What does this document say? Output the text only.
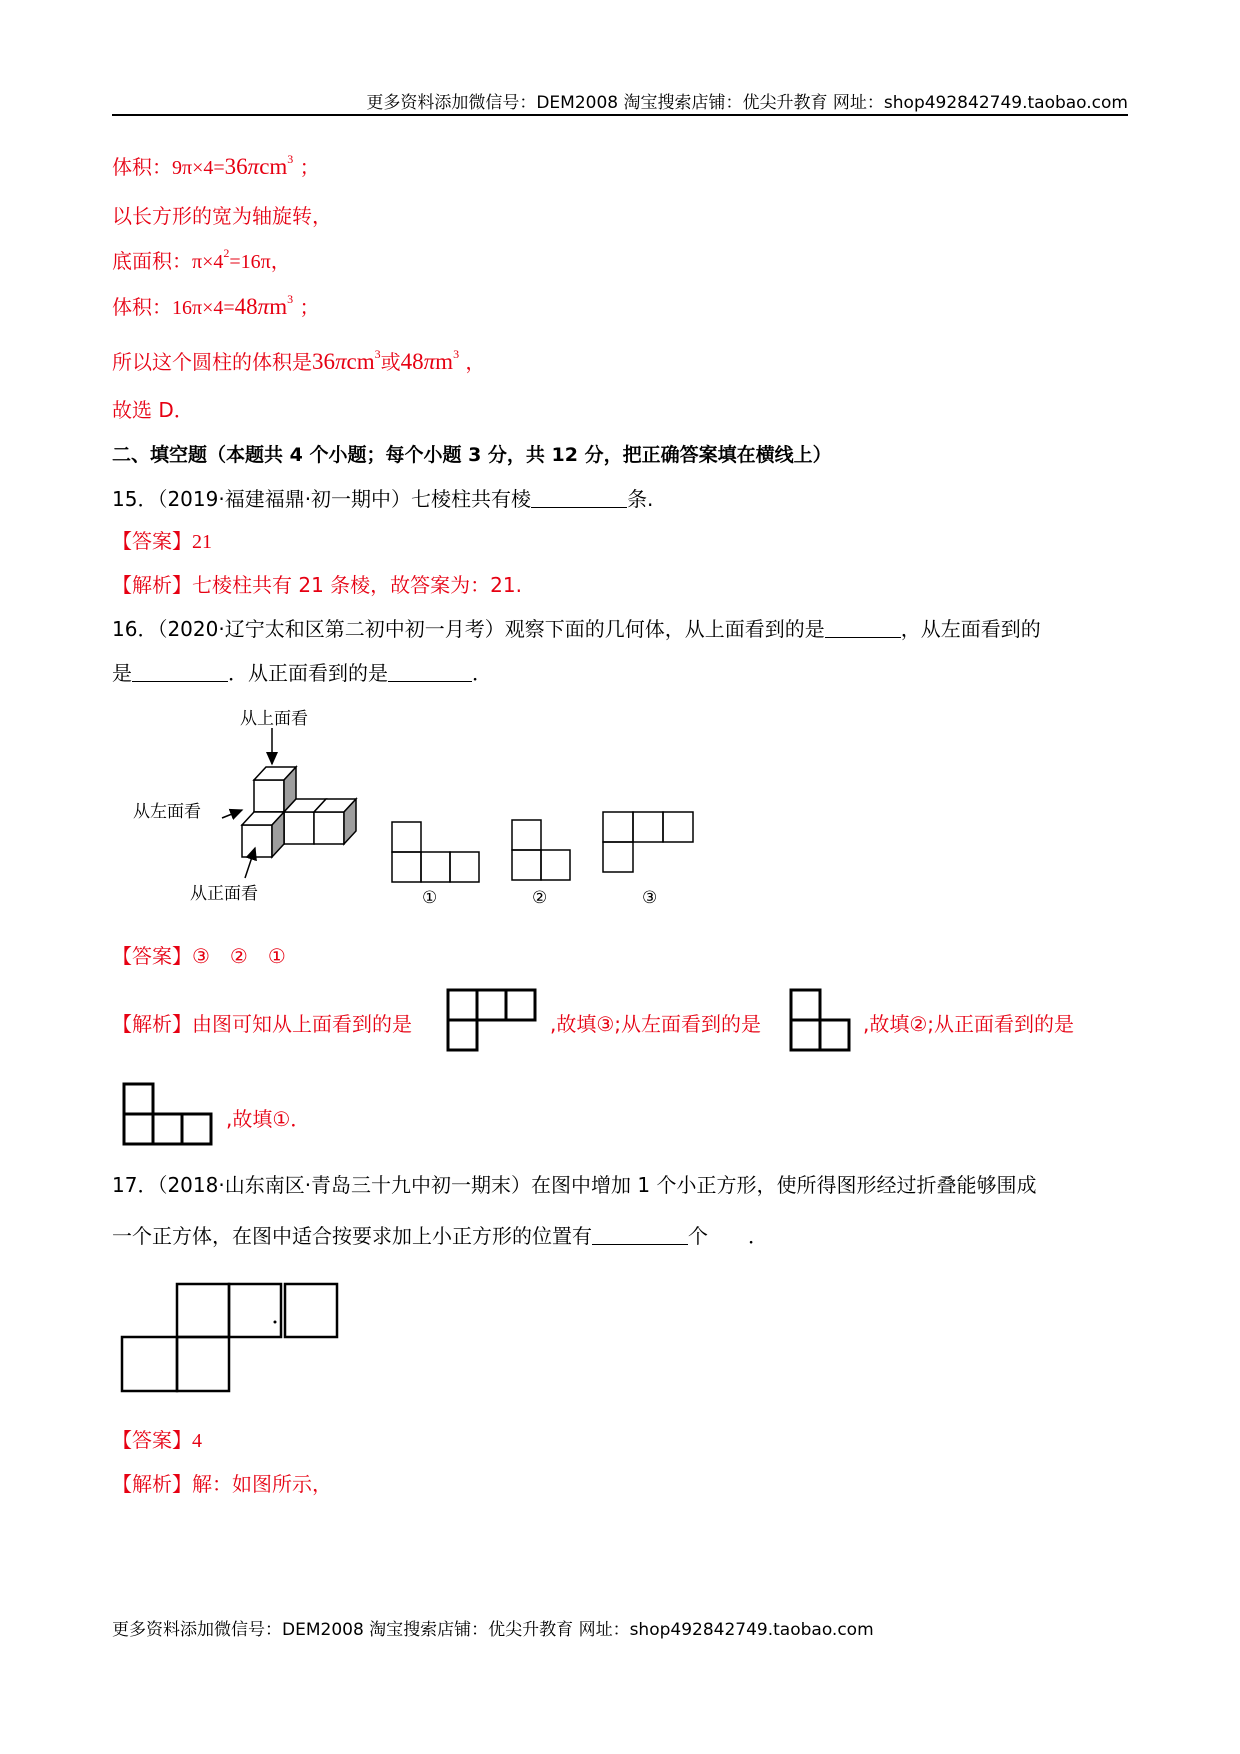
更多资料添加微信号：DEM2008 淘宝搜索店铺：优尖升教育 网址：shop492842749.taobao.com
体积：9π×4=36πcm$^3$ ；
以长方形的宽为轴旋转，
底面积：$\pi\times 4^2=16\pi$，
体积：$16\pi\times 4=48\pi m^3$ ；
所以这个圆柱的体积是36πcm$^3$或$48\pi m^3$ ，
故选 D．
二、填空题（本题共 4 个小题；每个小题 3 分，共 12 分，把正确答案填在横线上）
15．（2019·福建福鼎·初一期中）七棱柱共有棱	条.
【答案】21
【解析】七棱柱共有 21 条棱，故答案为：21.
16．（2020·辽宁太和区第二初中初一月考）观察下面的几何体，从上面看到的是	，从左面看到的
是	．从正面看到的是	．
从上面看
从左面看
从正面看	①	②	③
【答案】③　②　①
【解析】由图可知从上面看到的是	,故填③;从左面看到的是	,故填②;从正面看到的是
,故填①．
17．（2018·山东南区·青岛三十九中初一期末）在图中增加 1 个小正方形，使所得图形经过折叠能够围成
一个正方体，在图中适合按要求加上小正方形的位置有	个　　．
【答案】4
【解析】解：如图所示，
更多资料添加微信号：DEM2008 淘宝搜索店铺：优尖升教育 网址：shop492842749.taobao.com
